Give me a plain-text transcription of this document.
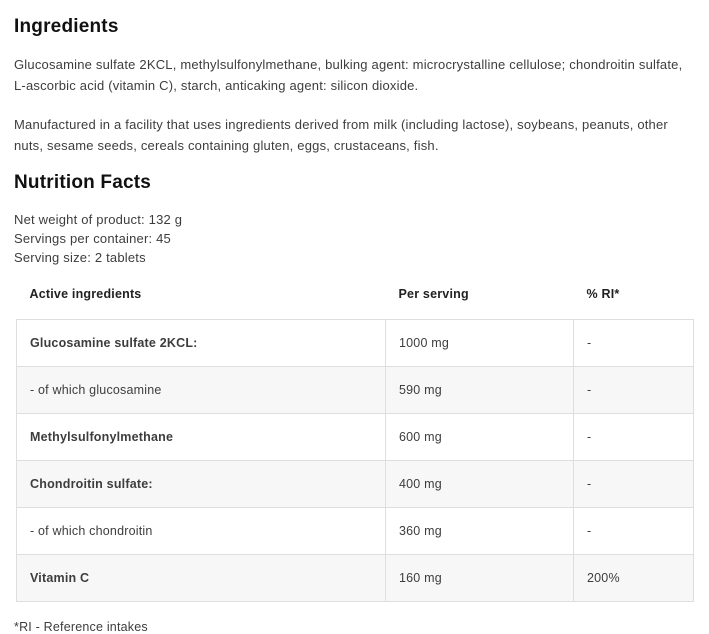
Ingredients

Glucosamine sulfate 2KCL, methylsulfonylmethane, bulking agent: microcrystalline cellulose; chondroitin sulfate, L-ascorbic acid (vitamin C), starch, anticaking agent: silicon dioxide.

Manufactured in a facility that uses ingredients derived from milk (including lactose), soybeans, peanuts, other nuts, sesame seeds, cereals containing gluten, eggs, crustaceans, fish.

Nutrition Facts
Net weight of product: 132 g
Servings per container: 45
Serving size: 2 tablets
Active ingredients	Per serving	% RI*
Glucosamine sulfate 2KCL:	1000 mg	-
- of which glucosamine	590 mg	-
Methylsulfonylmethane	600 mg	-
Chondroitin sulfate:	400 mg	-
- of which chondroitin	360 mg	-
Vitamin C	160 mg	200%
*RI - Reference intakes
